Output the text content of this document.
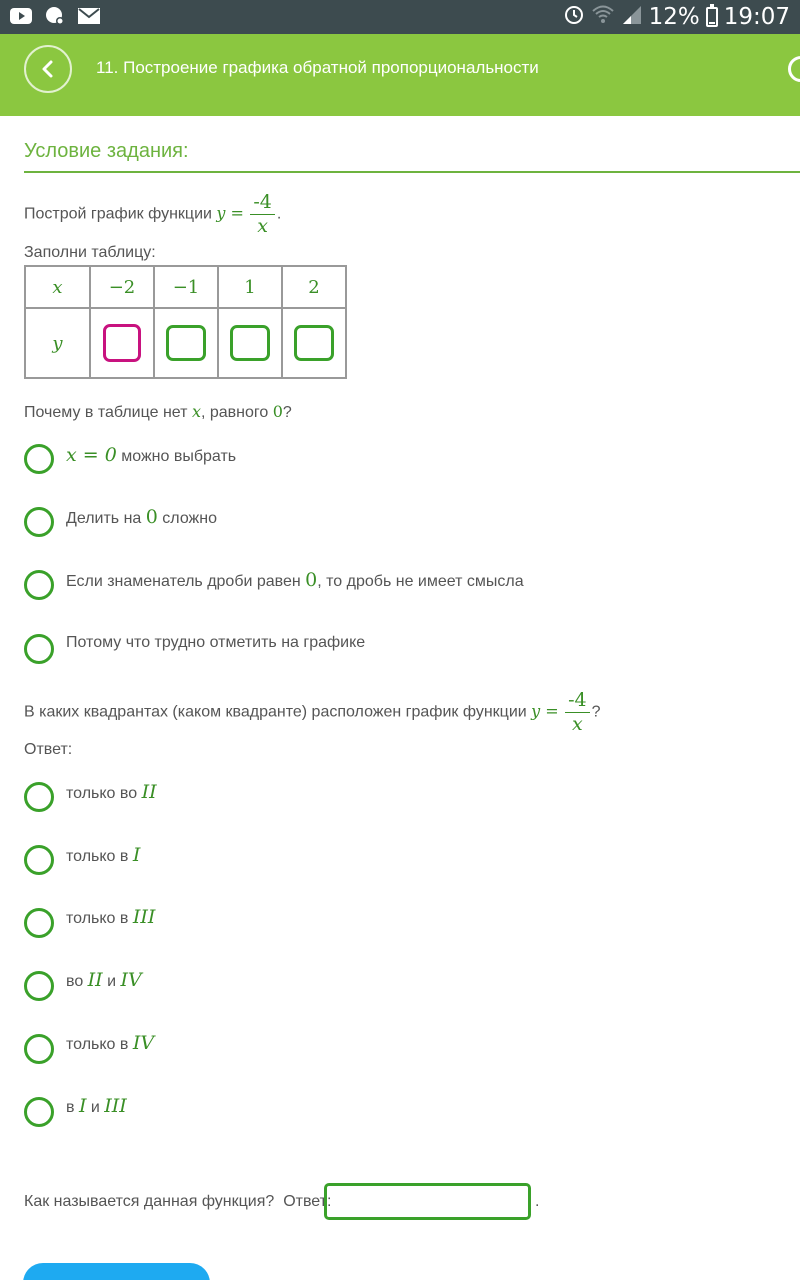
12% 19:07
11. Построение графика обратной пропорциональности
Условие задания:
Построй график функции $y = \frac{-4}{x}$ .
Заполни таблицу:
x	−2	−1	1	2
y				
Почему в таблице нет x, равного 0?
x = 0 можно выбрать
Делить на 0 сложно
Если знаменатель дроби равен 0, то дробь не имеет смысла
Потому что трудно отметить на графике
В каких квадрантах (каком квадранте) расположен график функции $y = \frac{-4}{x}$ ?
Ответ:
только во II
только в I
только в III
во II и IV
только в IV
в I и III
Как называется данная функция? Ответ:	.
